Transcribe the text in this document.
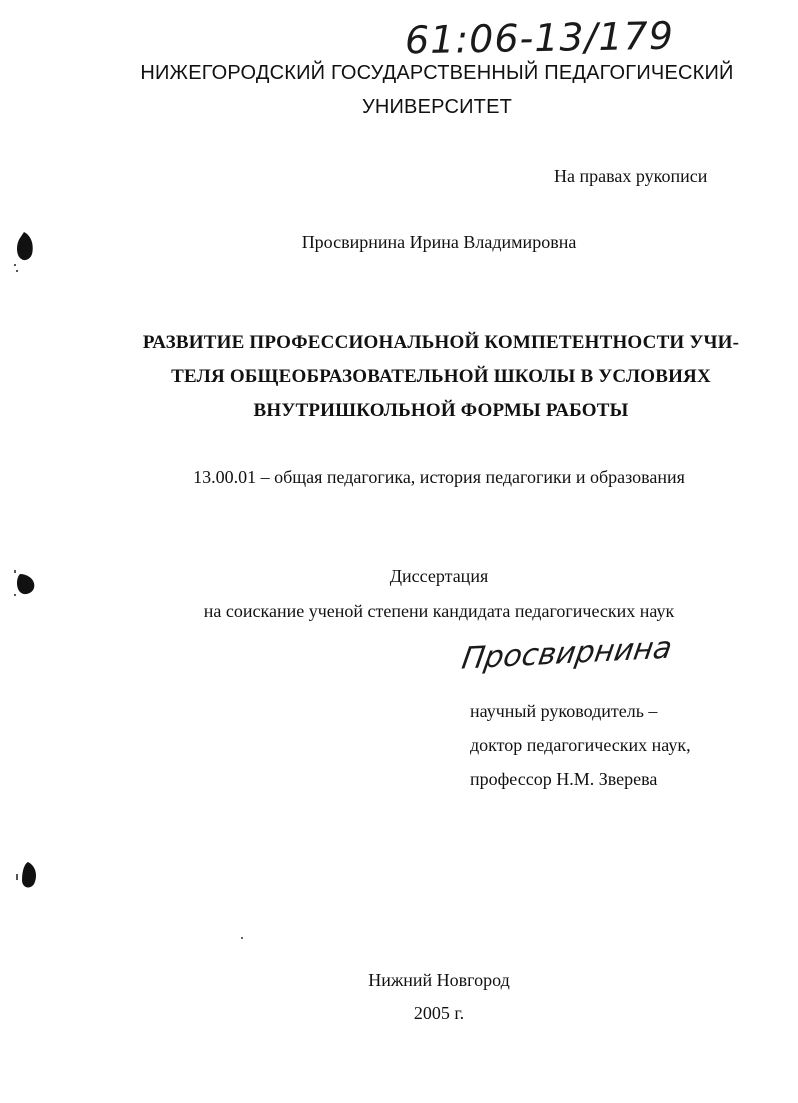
61:06-13/179
НИЖЕГОРОДСКИЙ ГОСУДАРСТВЕННЫЙ ПЕДАГОГИЧЕСКИЙ
УНИВЕРСИТЕТ
На правах рукописи
Просвирнина Ирина Владимировна
РАЗВИТИЕ ПРОФЕССИОНАЛЬНОЙ КОМПЕТЕНТНОСТИ УЧИ-
ТЕЛЯ ОБЩЕОБРАЗОВАТЕЛЬНОЙ ШКОЛЫ В УСЛОВИЯХ
ВНУТРИШКОЛЬНОЙ ФОРМЫ РАБОТЫ
13.00.01 – общая педагогика, история педагогики и образования
Диссертация
на соискание ученой степени кандидата педагогических наук
Просвирнина
научный руководитель –
доктор педагогических наук,
профессор Н.М. Зверева
Нижний Новгород
2005 г.
